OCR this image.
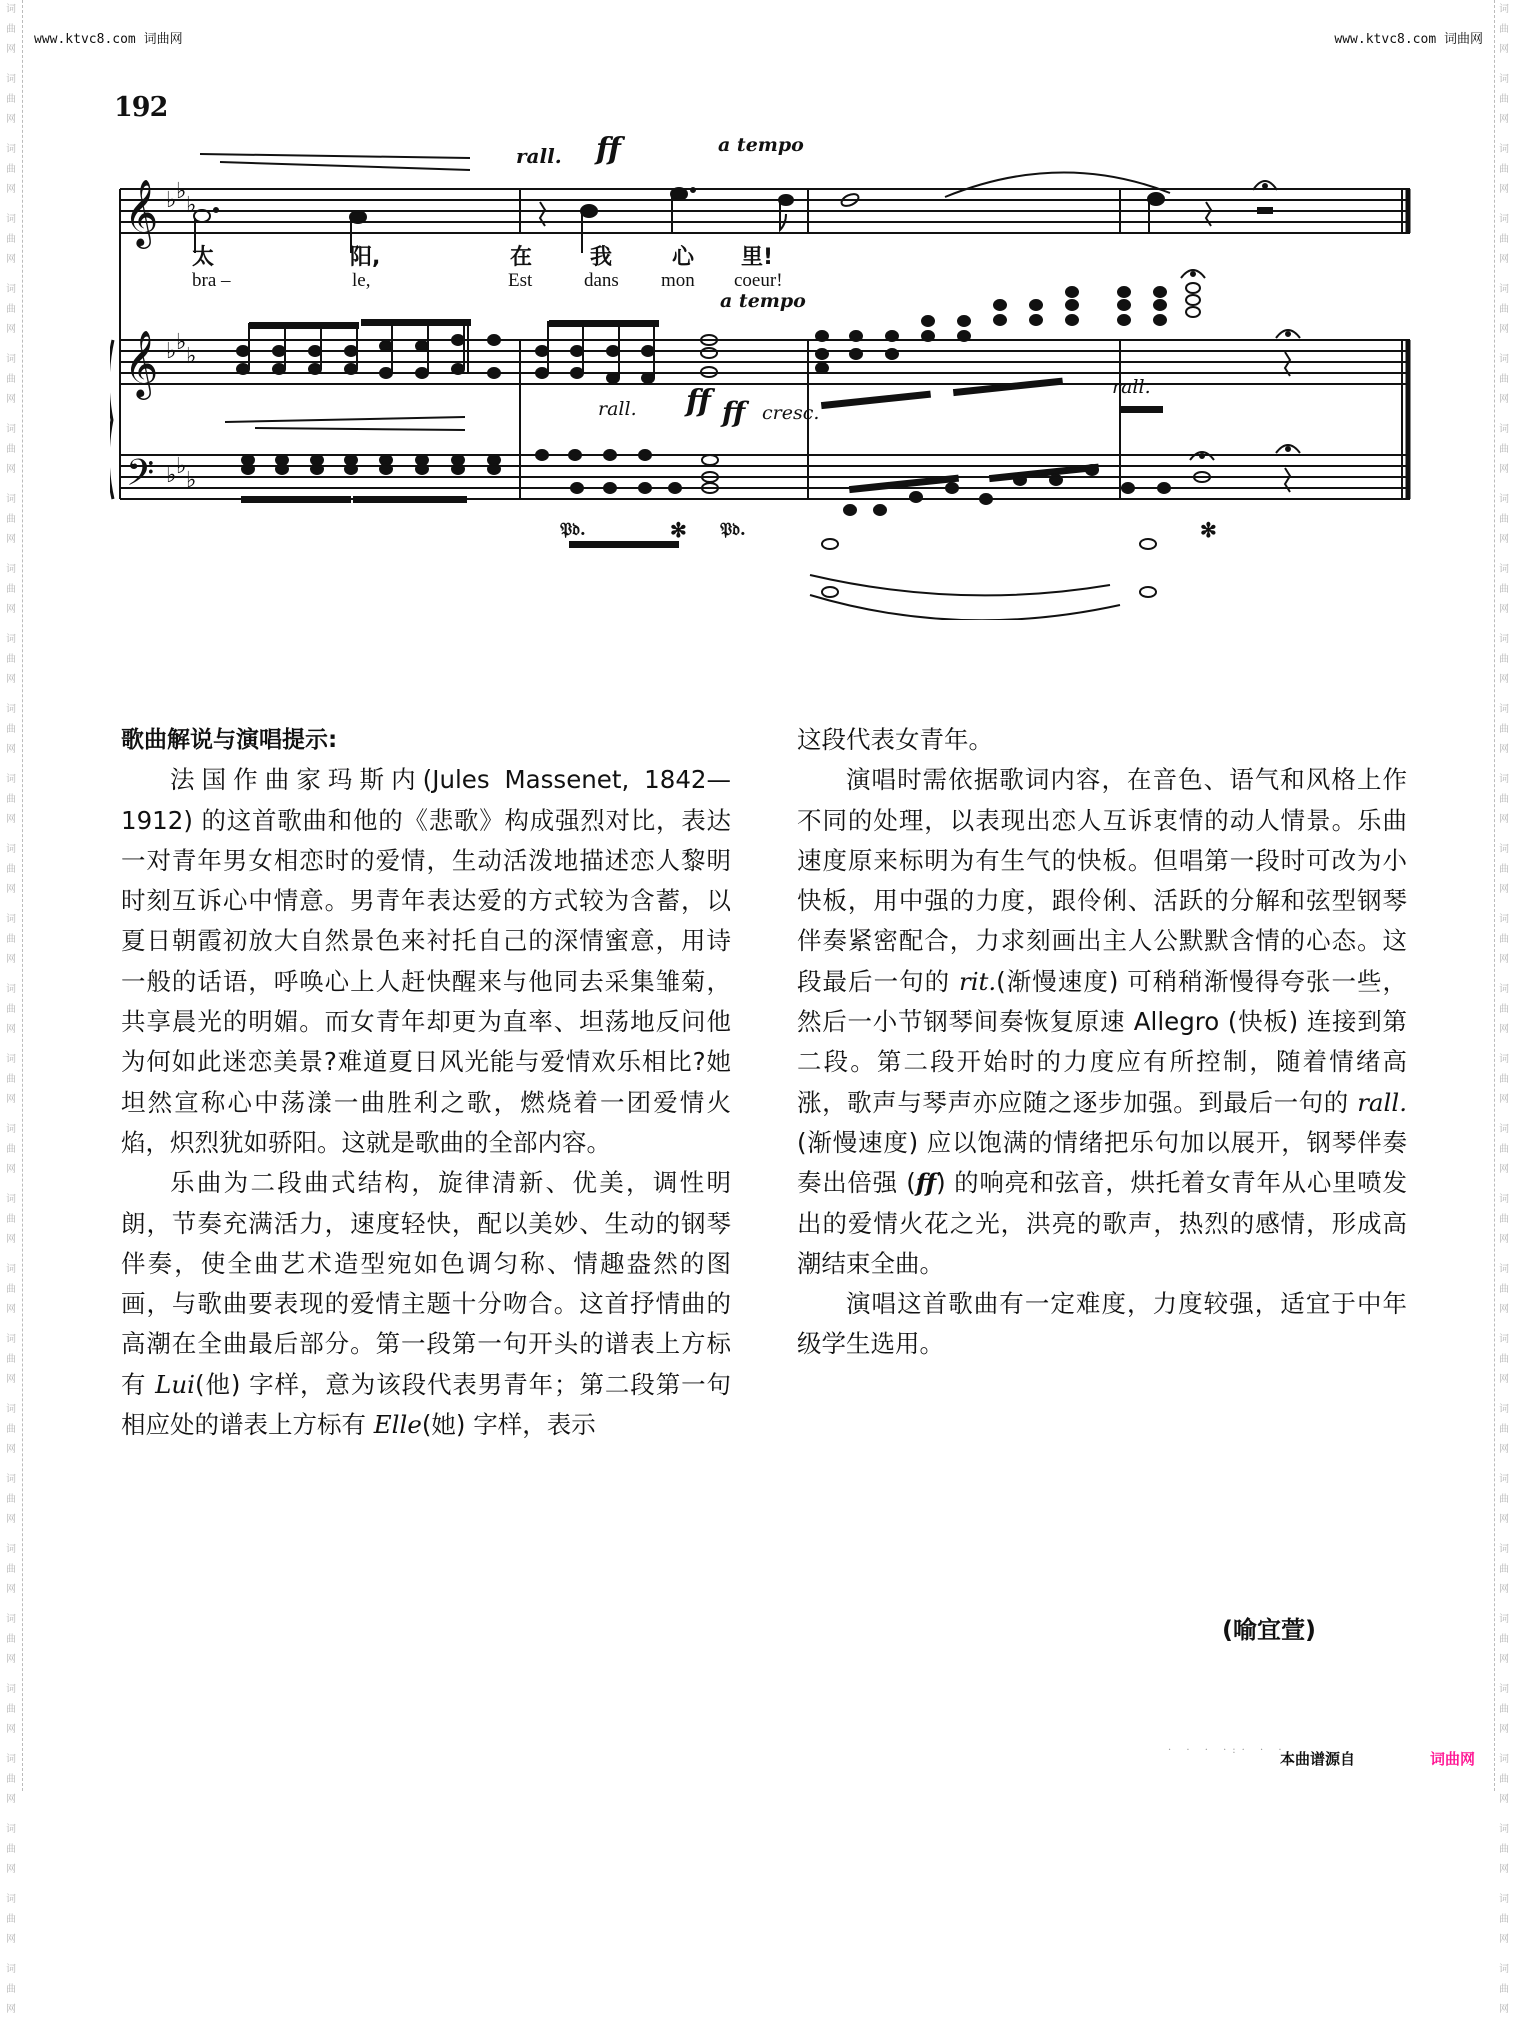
词
曲
网
词
曲
网
词
曲
网
词
曲
网
词
曲
网
词
曲
网
词
曲
网
词
曲
网
词
曲
网
词
曲
网
词
曲
网
词
曲
网
词
曲
网
词
曲
网
词
曲
网
词
曲
网
词
曲
网
词
曲
网
词
曲
网
词
曲
网
词
曲
网
词
曲
网
词
曲
网
词
曲
网
词
曲
网
词
曲
网
词
曲
网
词
曲
网
词
曲
网
词
曲
网
词
曲
网
词
曲
网
词
曲
网
词
曲
网
词
曲
网
词
曲
网
词
曲
网
词
曲
网
词
曲
网
词
曲
网
词
曲
网
词
曲
网
词
曲
网
词
曲
网
词
曲
网
词
曲
网
词
曲
网
词
曲
网
词
曲
网
词
曲
网
词
曲
网
词
曲
网
词
曲
网
词
曲
网
词
曲
网
词
曲
网
词
曲
网
词
曲
网
www.ktvc8.com 词曲网	www.ktvc8.com 词曲网
192
𝄞
𝄞
𝄢
♭ ♭
♭
♭ ♭
♭
♭ ♭
♭
rall. ff	a tempo
太	阳,	在	我	心 里!
bra –	le,	Est	dans mon coeur!
a tempo
rall. ff ff cresc.
rall.
𝔓𝔡.	✻ 𝔓𝔡.	✻

歌曲解说与演唱提示:

法国作曲家玛斯内(Jules Massenet, 1842—1912) 的这首歌曲和他的《悲歌》构成强烈对比，表达一对青年男女相恋时的爱情，生动活泼地描述恋人黎明时刻互诉心中情意。男青年表达爱的方式较为含蓄，以夏日朝霞初放大自然景色来衬托自己的深情蜜意，用诗一般的话语，呼唤心上人赶快醒来与他同去采集雏菊，共享晨光的明媚。而女青年却更为直率、坦荡地反问他为何如此迷恋美景?难道夏日风光能与爱情欢乐相比?她坦然宣称心中荡漾一曲胜利之歌，燃烧着一团爱情火焰，炽烈犹如骄阳。这就是歌曲的全部内容。

乐曲为二段曲式结构，旋律清新、优美，调性明朗，节奏充满活力，速度轻快，配以美妙、生动的钢琴伴奏，使全曲艺术造型宛如色调匀称、情趣盎然的图画，与歌曲要表现的爱情主题十分吻合。这首抒情曲的高潮在全曲最后部分。第一段第一句开头的谱表上方标有 Lui(他) 字样，意为该段代表男青年；第二段第一句相应处的谱表上方标有 Elle(她) 字样，表示

这段代表女青年。

演唱时需依据歌词内容，在音色、语气和风格上作不同的处理，以表现出恋人互诉衷情的动人情景。乐曲速度原来标明为有生气的快板。但唱第一段时可改为小快板，用中强的力度，跟伶俐、活跃的分解和弦型钢琴伴奏紧密配合，力求刻画出主人公默默含情的心态。这段最后一句的 rit.(渐慢速度) 可稍稍渐慢得夸张一些，然后一小节钢琴间奏恢复原速 Allegro (快板) 连接到第二段。第二段开始时的力度应有所控制，随着情绪高涨，歌声与琴声亦应随之逐步加强。到最后一句的 rall. (渐慢速度) 应以饱满的情绪把乐句加以展开，钢琴伴奏奏出倍强 (ff) 的响亮和弦音，烘托着女青年从心里喷发出的爱情火花之光，洪亮的歌声，热烈的感情，形成高潮结束全曲。

演唱这首歌曲有一定难度，力度较强，适宜于中年级学生选用。

(喻宜萱)
· · · ·:· · ·
本曲谱源自	词曲网
